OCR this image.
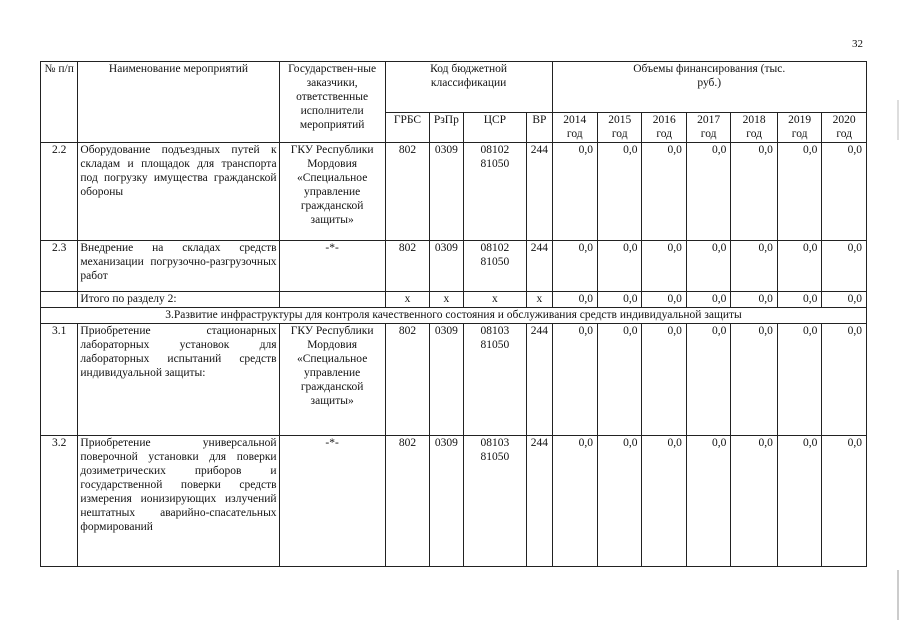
32
№ п/п	Наименование мероприятий	Государствен-ные заказчики, ответственные исполнители мероприятий	Код бюджетной классификации				Объемы финансирования (тыс. руб.)						
			ГРБС	РзПр	ЦСР	ВР	2014 год	2015 год	2016 год	2017 год	2018 год	2019 год	2020 год
2.2	Оборудование подъездных путей к складам и площадок для транспорта под погрузку имущества гражданской обороны	ГКУ Республики Мордовия «Специальное управление гражданской защиты»	802	0309	08102 81050	244	0,0	0,0	0,0	0,0	0,0	0,0	0,0
2.3	Внедрение на складах средств механизации погрузочно-разгрузочных работ	-*-	802	0309	08102 81050	244	0,0	0,0	0,0	0,0	0,0	0,0	0,0
	Итого по разделу 2:		х	х	х	х	0,0	0,0	0,0	0,0	0,0	0,0	0,0
3.Развитие инфраструктуры для контроля качественного состояния и обслуживания средств индивидуальной защиты													
3.1	Приобретение стационарных лабораторных установок для лабораторных испытаний средств индивидуальной защиты:	ГКУ Республики Мордовия «Специальное управление гражданской защиты»	802	0309	08103 81050	244	0,0	0,0	0,0	0,0	0,0	0,0	0,0
3.2	Приобретение универсальной поверочной установки для поверки дозиметрических приборов и государственной поверки средств измерения ионизирующих излучений нештатных аварийно-спасательных формирований	-*-	802	0309	08103 81050	244	0,0	0,0	0,0	0,0	0,0	0,0	0,0
